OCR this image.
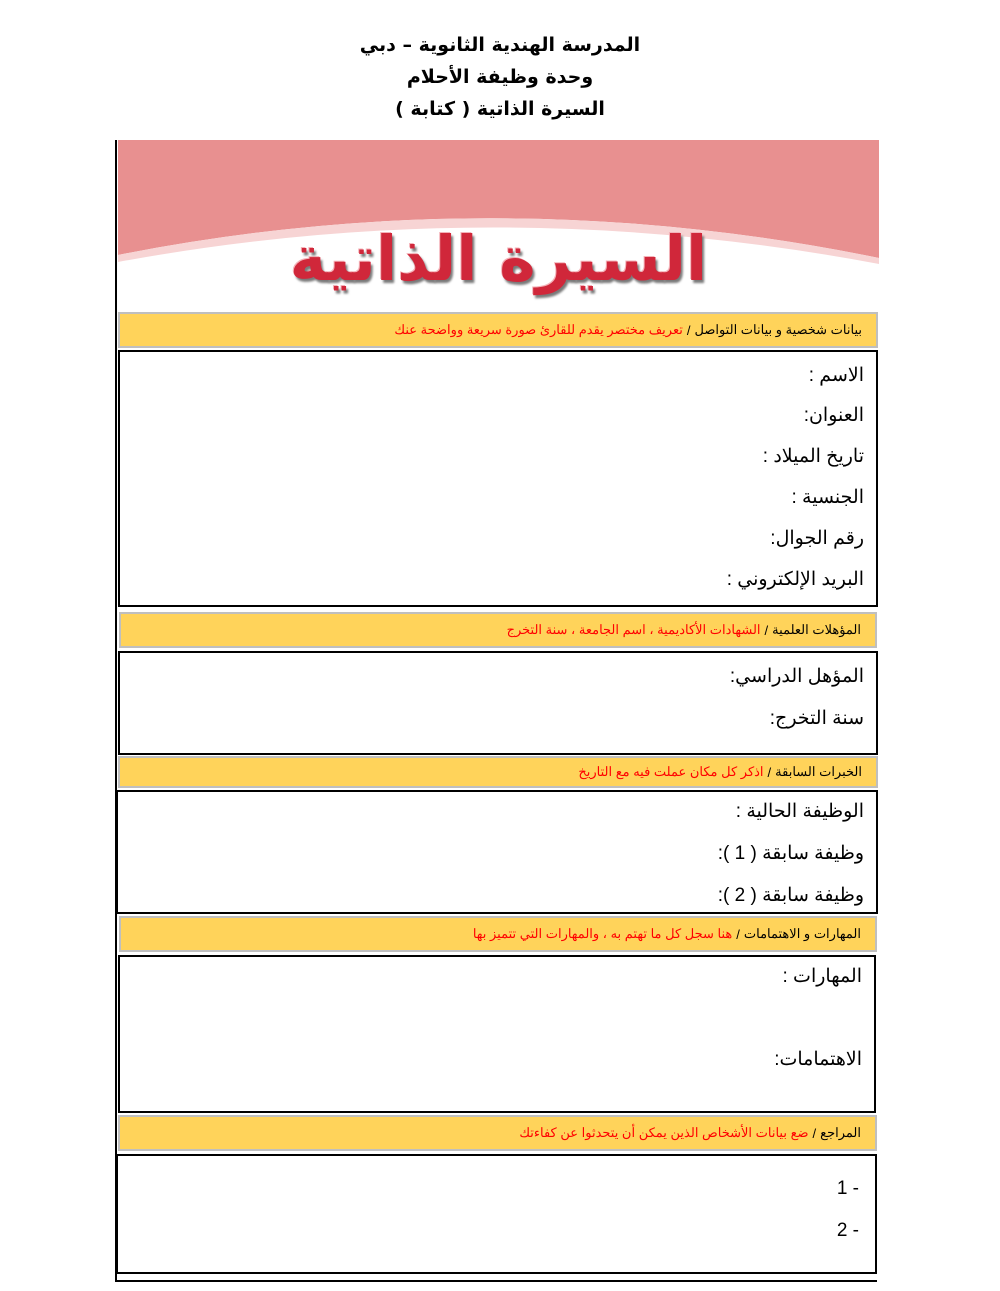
المدرسة الهندية الثانوية – دبي
وحدة وظيفة الأحلام
السيرة الذاتية ( كتابة )
السيرة الذاتية
بيانات شخصية و بيانات التواصل
/
تعريف مختصر يقدم للقارئ صورة سريعة وواضحة عنك
الاسم :
العنوان:
تاريخ الميلاد :
الجنسية :
رقم الجوال:
البريد الإلكتروني :
المؤهلات العلمية
/
الشهادات الأكاديمية ، اسم الجامعة ، سنة التخرج
المؤهل الدراسي:
سنة التخرج:
الخبرات السابقة
/
اذكر كل مكان عملت فيه مع التاريخ
الوظيفة الحالية :
وظيفة سابقة ( 1 ):
وظيفة سابقة ( 2 ):
المهارات و الاهتمامات
/
هنا سجل كل ما تهتم به ، والمهارات التي تتميز بها
المهارات :
الاهتمامات:
المراجع
/
ضع بيانات الأشخاص الذين يمكن أن يتحدثوا عن كفاءتك
1 -
2 -
